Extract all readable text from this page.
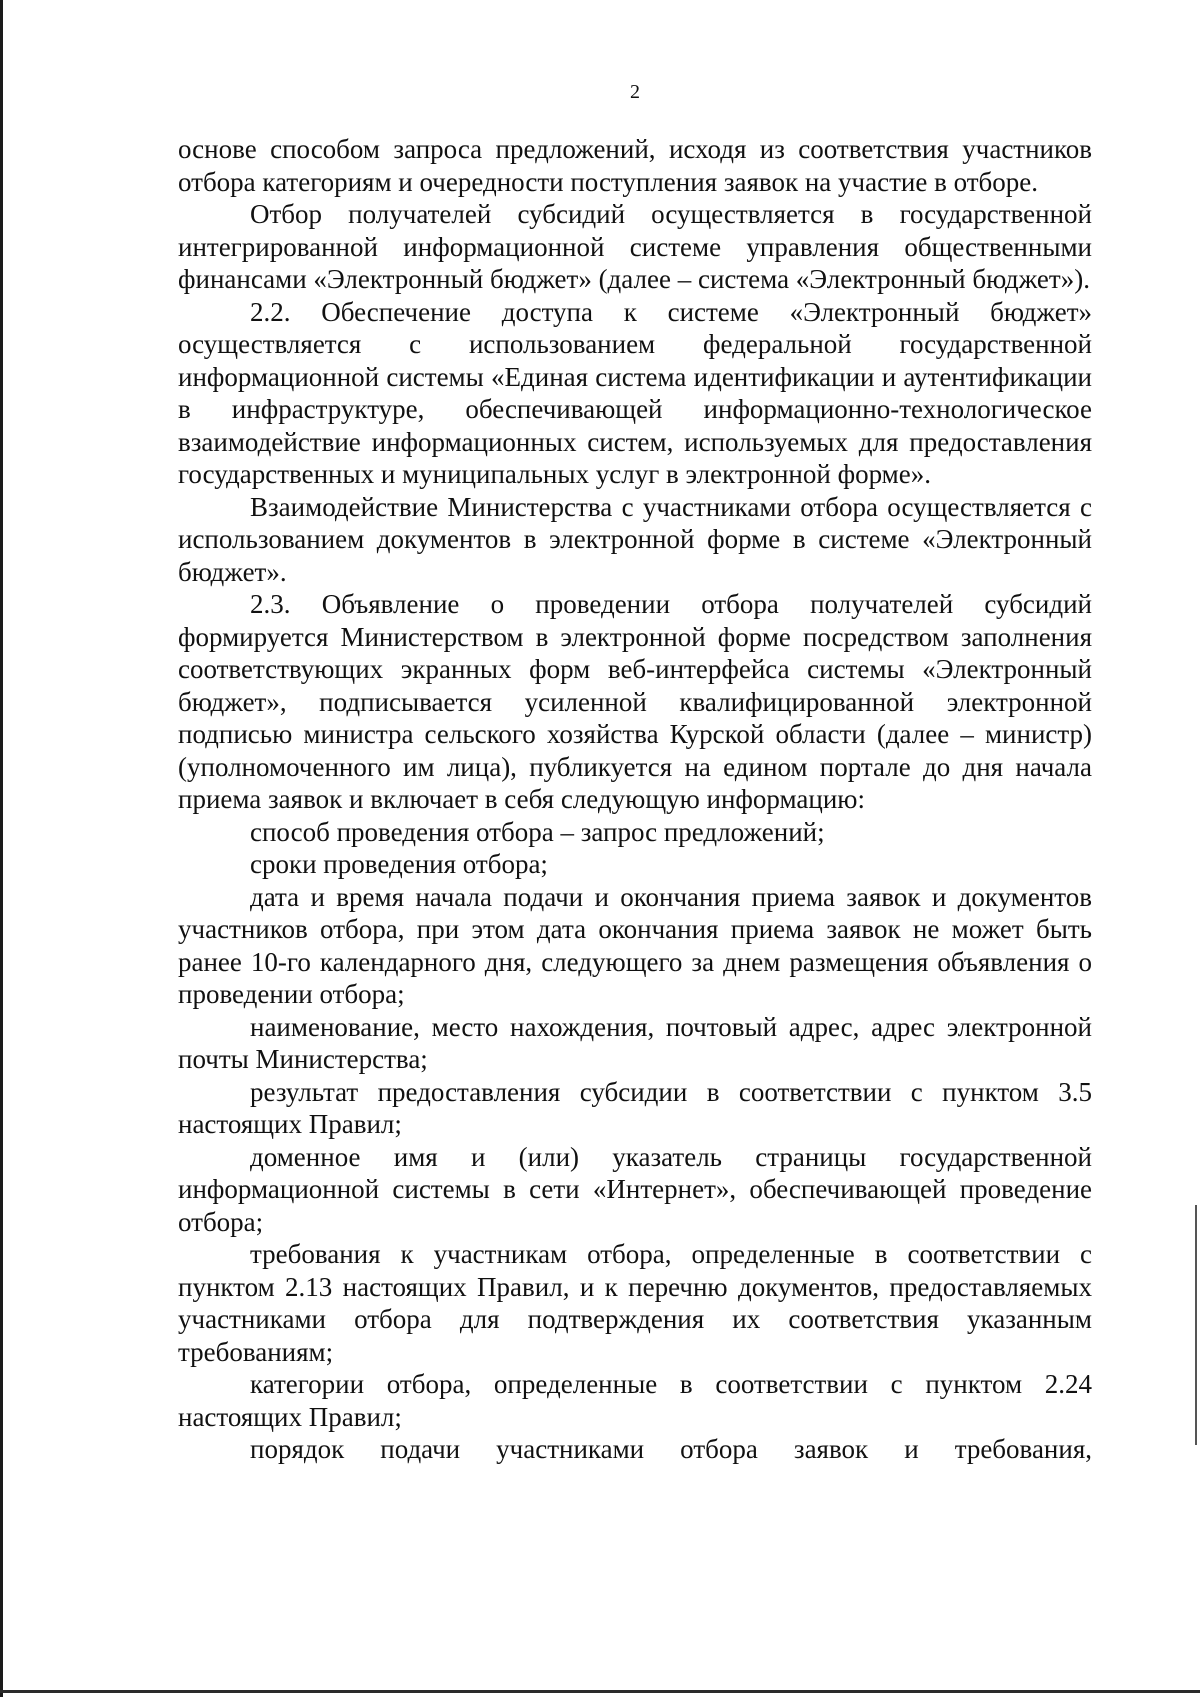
2

основе способом запроса предложений, исходя из соответствия участников отбора категориям и очередности поступления заявок на участие в отборе.

Отбор получателей субсидий осуществляется в государственной интегрированной информационной системе управления общественными финансами «Электронный бюджет» (далее – система «Электронный бюджет»).

2.2. Обеспечение доступа к системе «Электронный бюджет» осуществляется с использованием федеральной государственной информационной системы «Единая система идентификации и аутентификации в инфраструктуре, обеспечивающей информационно-технологическое взаимодействие информационных систем, используемых для предоставления государственных и муниципальных услуг в электронной форме».

Взаимодействие Министерства с участниками отбора осуществляется с использованием документов в электронной форме в системе «Электронный бюджет».

2.3. Объявление о проведении отбора получателей субсидий формируется Министерством в электронной форме посредством заполнения соответствующих экранных форм веб-интерфейса системы «Электронный бюджет», подписывается усиленной квалифицированной электронной подписью министра сельского хозяйства Курской области (далее – министр) (уполномоченного им лица), публикуется на едином портале до дня начала приема заявок и включает в себя следующую информацию:

способ проведения отбора – запрос предложений;

сроки проведения отбора;

дата и время начала подачи и окончания приема заявок и документов участников отбора, при этом дата окончания приема заявок не может быть ранее 10-го календарного дня, следующего за днем размещения объявления о проведении отбора;

наименование, место нахождения, почтовый адрес, адрес электронной почты Министерства;

результат предоставления субсидии в соответствии с пунктом 3.5 настоящих Правил;

доменное имя и (или) указатель страницы государственной информационной системы в сети «Интернет», обеспечивающей проведение отбора;

требования к участникам отбора, определенные в соответствии с пунктом 2.13 настоящих Правил, и к перечню документов, предоставляемых участниками отбора для подтверждения их соответствия указанным требованиям;

категории отбора, определенные в соответствии с пунктом 2.24 настоящих Правил;

порядок подачи участниками отбора заявок и требования,
